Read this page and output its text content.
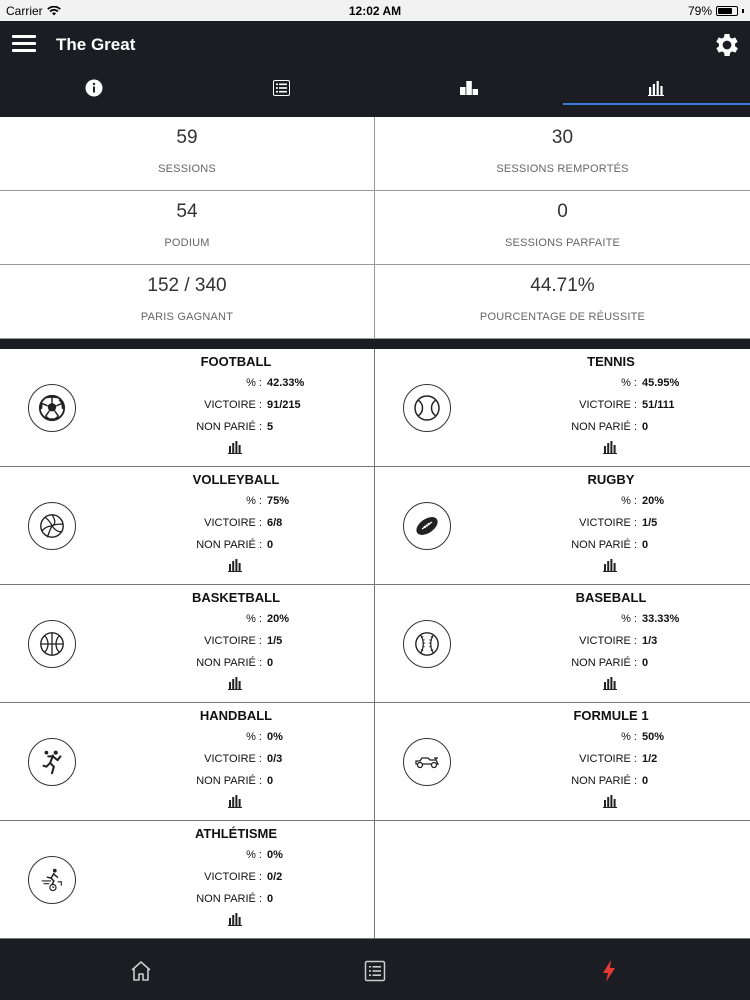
Carrier	12:02 AM	79%
The Great
59
SESSIONS
30
SESSIONS REMPORTÉS
54
PODIUM
0
SESSIONS PARFAITE
152 / 340
PARIS GAGNANT
44.71%
POURCENTAGE DE RÉUSSITE
FOOTBALL
% : 42.33%
VICTOIRE : 91/215
NON PARIÉ : 5
TENNIS
% : 45.95%
VICTOIRE : 51/111
NON PARIÉ : 0
VOLLEYBALL
% : 75%
VICTOIRE : 6/8
NON PARIÉ : 0
RUGBY
% : 20%
VICTOIRE : 1/5
NON PARIÉ : 0
BASKETBALL
% : 20%
VICTOIRE : 1/5
NON PARIÉ : 0
BASEBALL
% : 33.33%
VICTOIRE : 1/3
NON PARIÉ : 0
HANDBALL
% : 0%
VICTOIRE : 0/3
NON PARIÉ : 0
FORMULE 1
% : 50%
VICTOIRE : 1/2
NON PARIÉ : 0
ATHLÉTISME
% : 0%
VICTOIRE : 0/2
NON PARIÉ : 0
